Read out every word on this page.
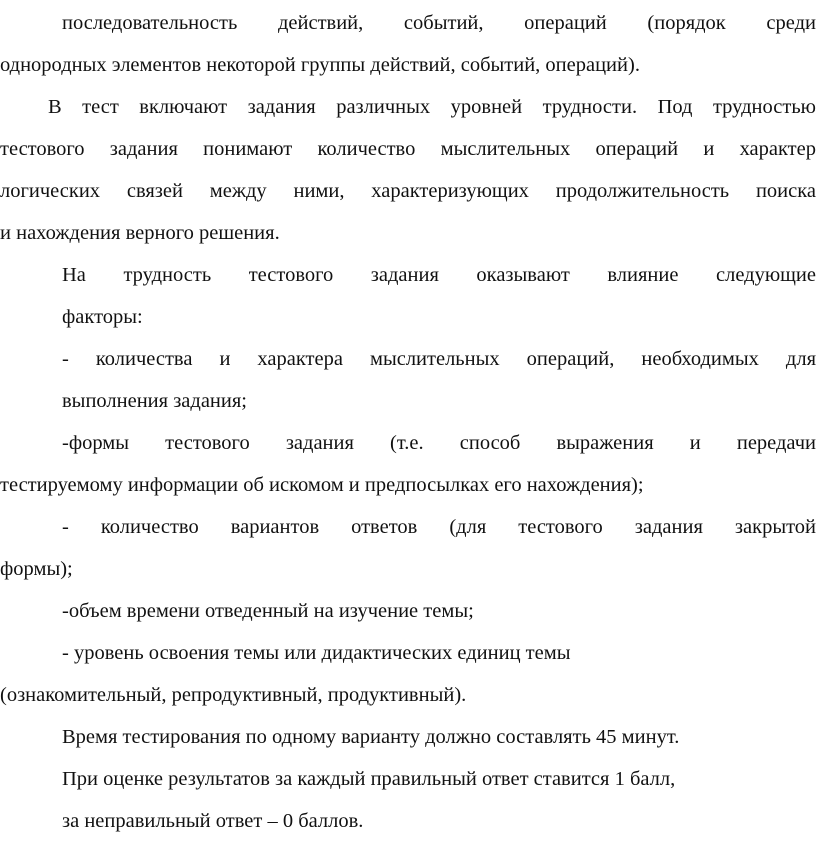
последовательность действий, событий, операций (порядок среди
однородных элементов некоторой группы действий, событий, операций).
В тест включают задания различных уровней трудности. Под трудностью
тестового задания понимают количество мыслительных операций и характер
логических связей между ними, характеризующих продолжительность поиска
и нахождения верного решения.
На трудность тестового задания оказывают влияние следующие
факторы:
- количества и характера мыслительных операций, необходимых для
выполнения задания;
-формы тестового задания (т.е. способ выражения и передачи
тестируемому информации об искомом и предпосылках его нахождения);
- количество вариантов ответов (для тестового задания закрытой
формы);
-объем времени отведенный на изучение темы;
- уровень освоения темы или дидактических единиц темы
(ознакомительный, репродуктивный, продуктивный).
Время тестирования по одному варианту должно составлять 45 минут.
При оценке результатов за каждый правильный ответ ставится 1 балл,
за неправильный ответ – 0 баллов.
